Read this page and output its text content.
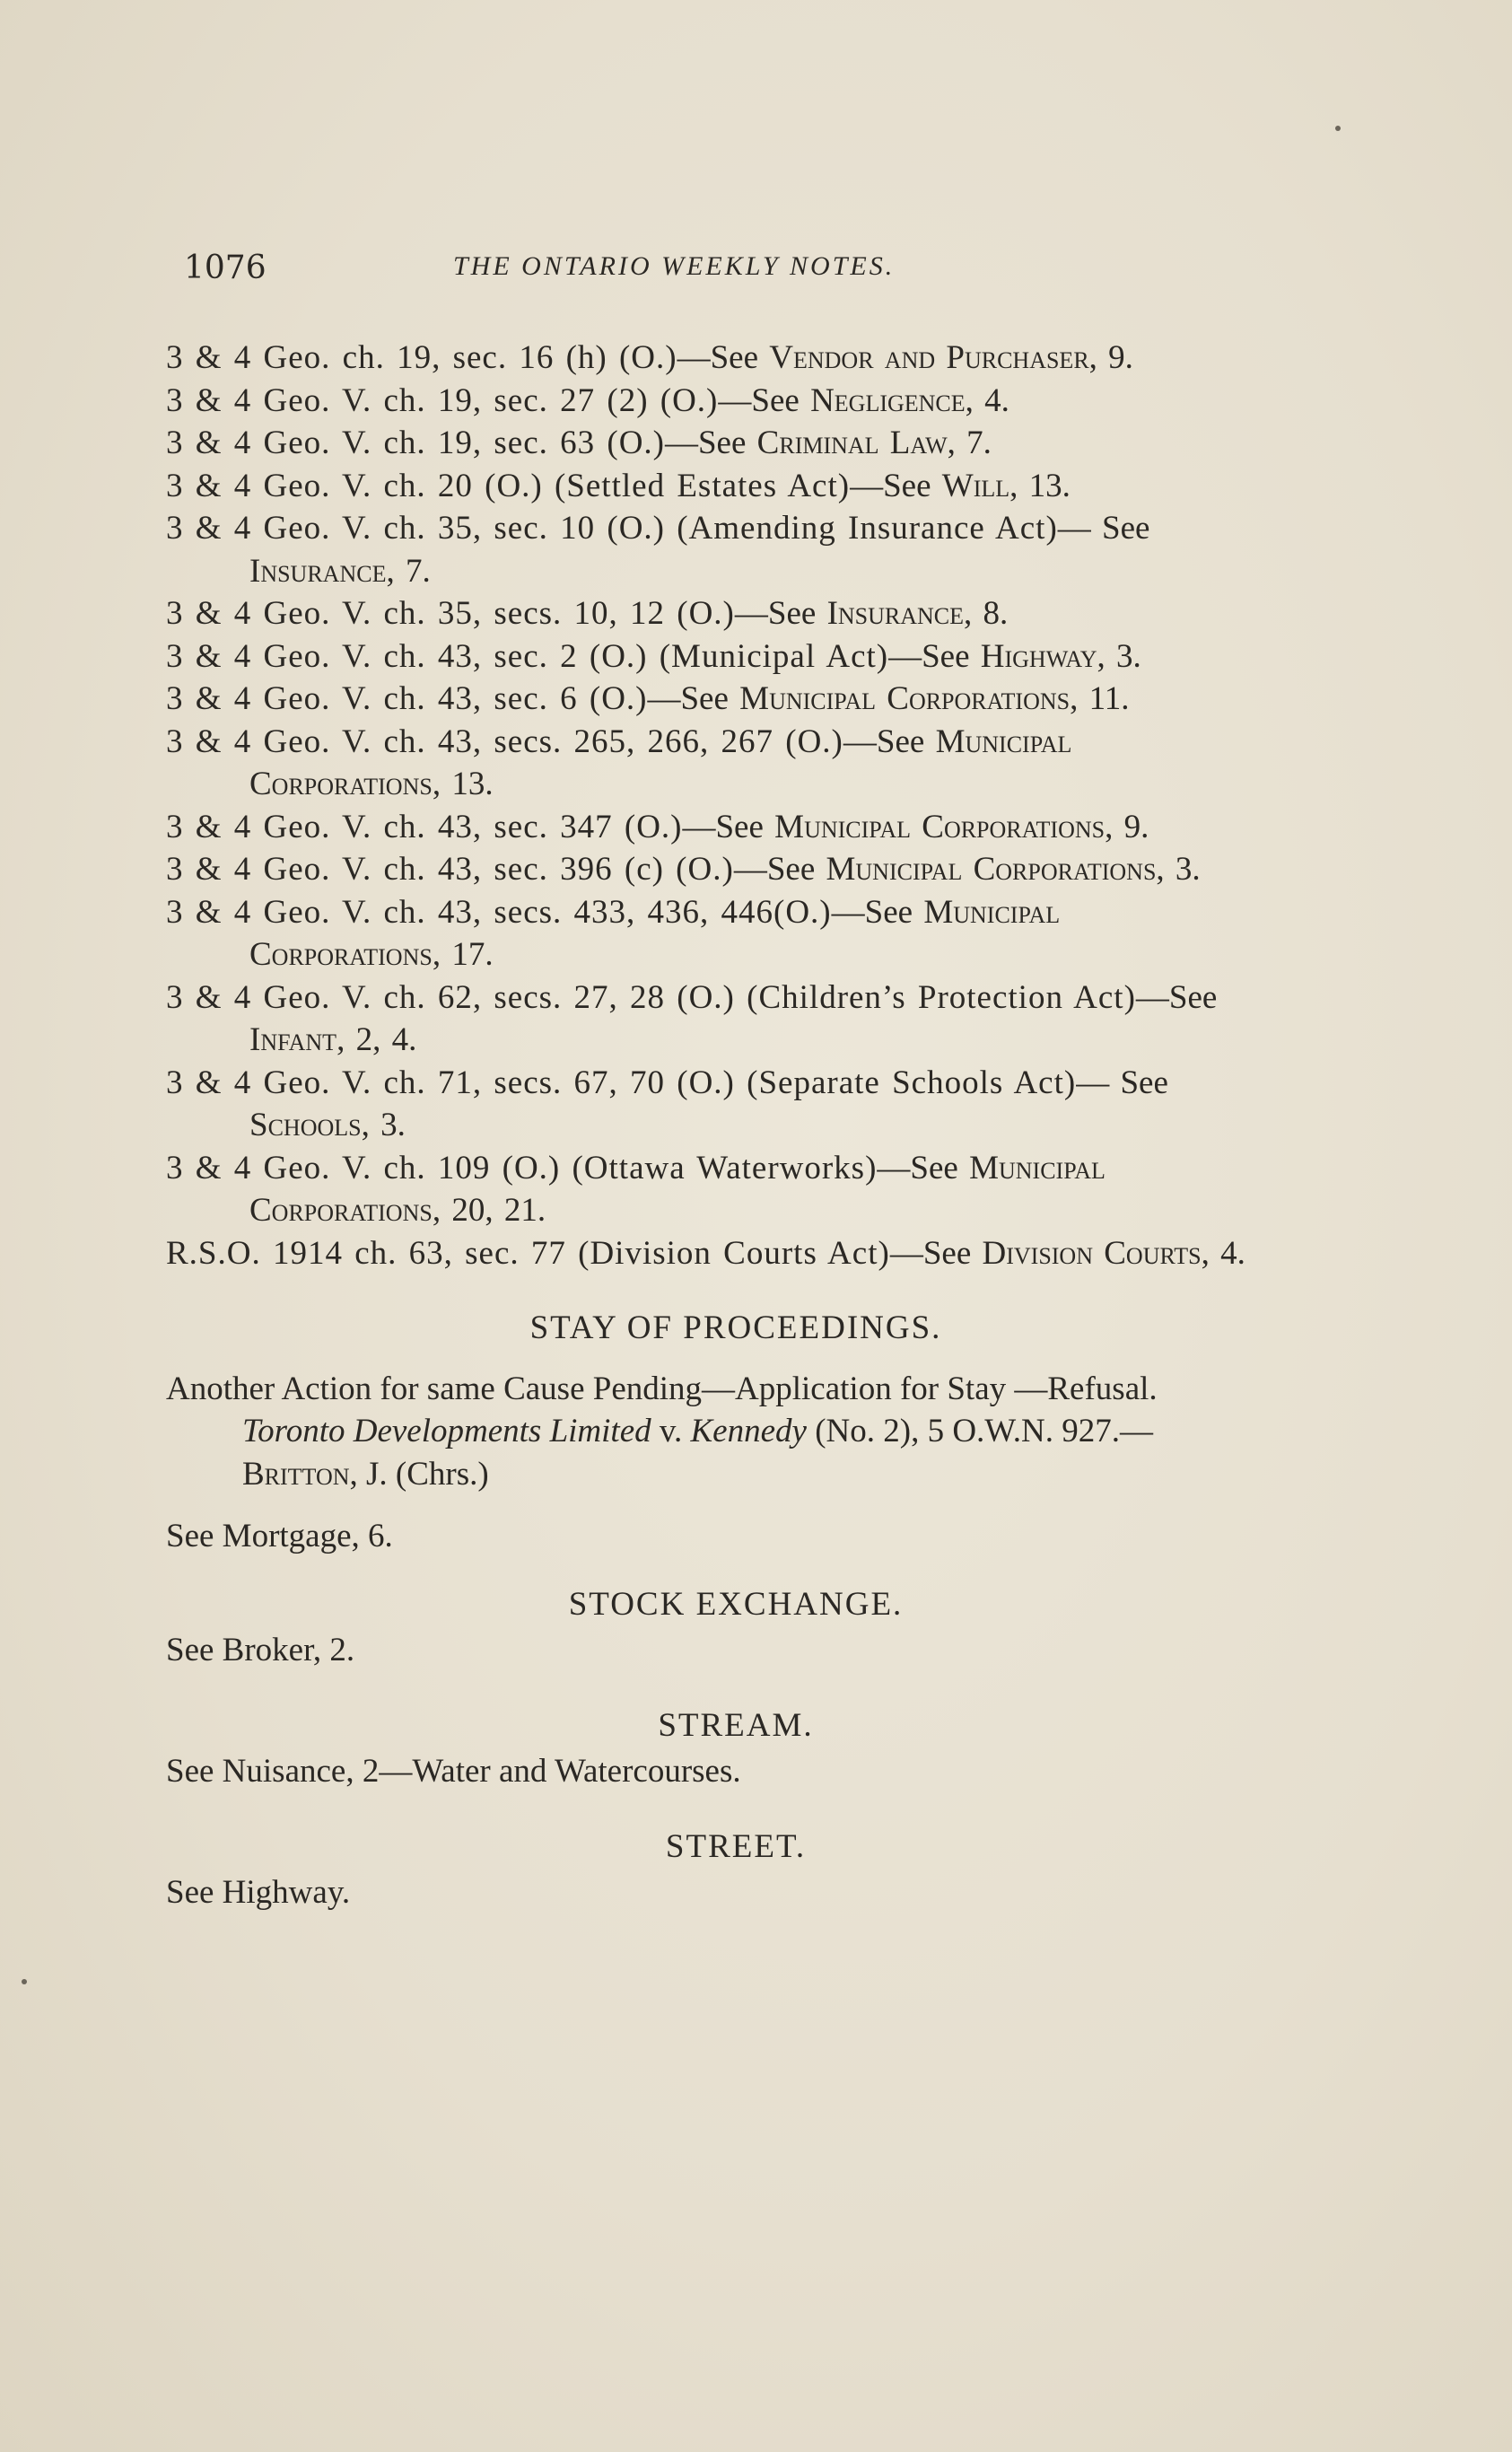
1076	THE ONTARIO WEEKLY NOTES.

3 & 4 Geo. ch. 19, sec. 16 (h) (O.)—See Vendor and Purchaser, 9.

3 & 4 Geo. V. ch. 19, sec. 27 (2) (O.)—See Negligence, 4.

3 & 4 Geo. V. ch. 19, sec. 63 (O.)—See Criminal Law, 7.

3 & 4 Geo. V. ch. 20 (O.) (Settled Estates Act)—See Will, 13.

3 & 4 Geo. V. ch. 35, sec. 10 (O.) (Amending Insurance Act)— See Insurance, 7.

3 & 4 Geo. V. ch. 35, secs. 10, 12 (O.)—See Insurance, 8.

3 & 4 Geo. V. ch. 43, sec. 2 (O.) (Municipal Act)—See Highway, 3.

3 & 4 Geo. V. ch. 43, sec. 6 (O.)—See Municipal Corporations, 11.

3 & 4 Geo. V. ch. 43, secs. 265, 266, 267 (O.)—See Municipal Corporations, 13.

3 & 4 Geo. V. ch. 43, sec. 347 (O.)—See Municipal Corporations, 9.

3 & 4 Geo. V. ch. 43, sec. 396 (c) (O.)—See Municipal Corporations, 3.

3 & 4 Geo. V. ch. 43, secs. 433, 436, 446(O.)—See Municipal Corporations, 17.

3 & 4 Geo. V. ch. 62, secs. 27, 28 (O.) (Children’s Protection Act)—See Infant, 2, 4.

3 & 4 Geo. V. ch. 71, secs. 67, 70 (O.) (Separate Schools Act)— See Schools, 3.

3 & 4 Geo. V. ch. 109 (O.) (Ottawa Waterworks)—See Municipal Corporations, 20, 21.

R.S.O. 1914 ch. 63, sec. 77 (Division Courts Act)—See Division Courts, 4.

STAY OF PROCEEDINGS.

Another Action for same Cause Pending—Application for Stay —Refusal. Toronto Developments Limited v. Kennedy (No. 2), 5 O.W.N. 927.—Britton, J. (Chrs.)

See Mortgage, 6.

STOCK EXCHANGE.

See Broker, 2.

STREAM.

See Nuisance, 2—Water and Watercourses.

STREET.

See Highway.
